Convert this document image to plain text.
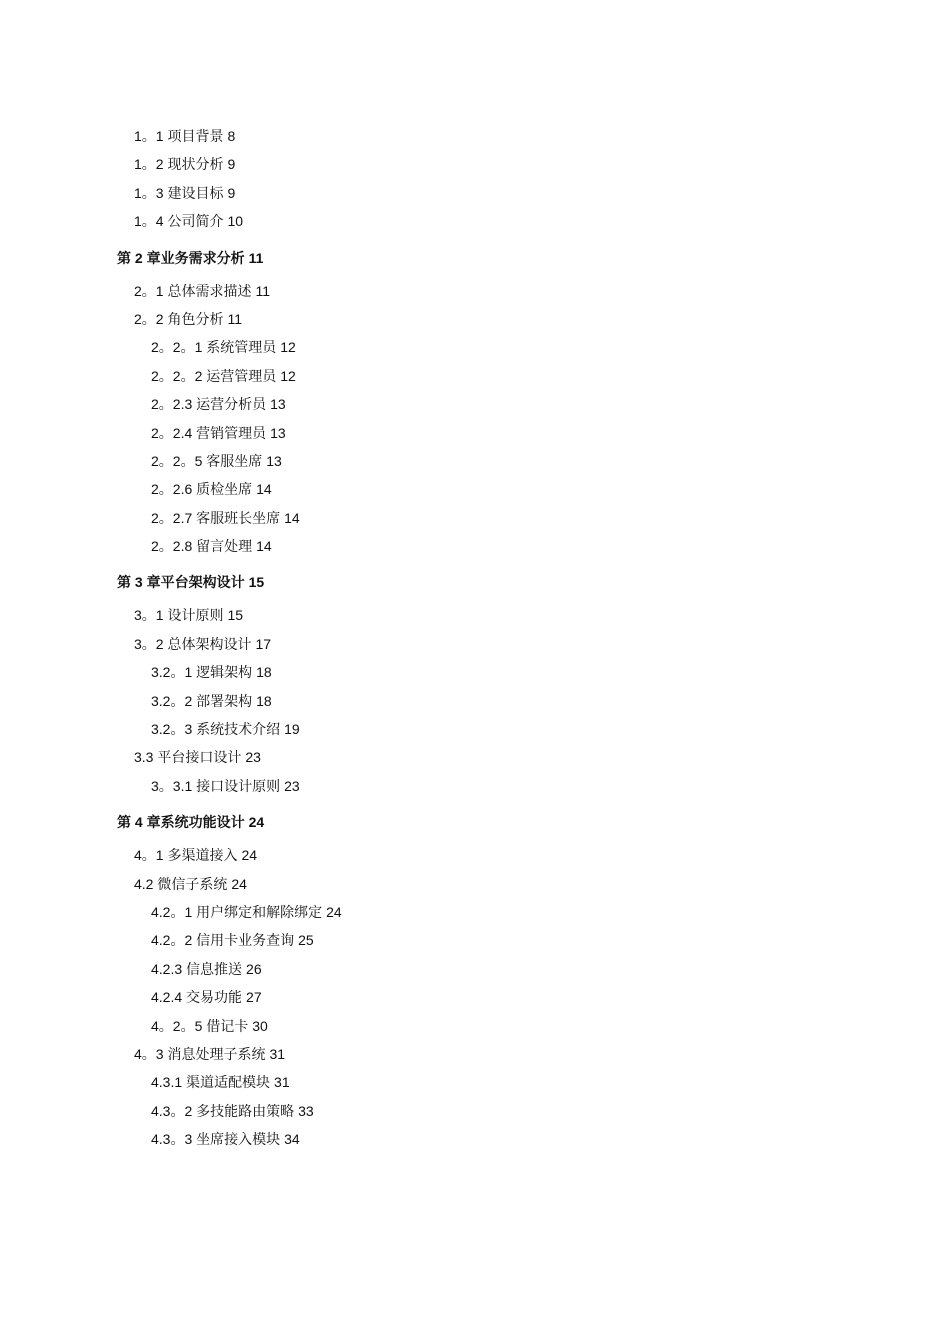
1。1 项目背景 8
1。2 现状分析 9
1。3 建设目标 9
1。4 公司简介 10
第 2 章业务需求分析 11
2。1 总体需求描述 11
2。2 角色分析 11
2。2。1 系统管理员 12
2。2。2 运营管理员 12
2。2.3 运营分析员 13
2。2.4 营销管理员 13
2。2。5 客服坐席 13
2。2.6 质检坐席 14
2。2.7 客服班长坐席 14
2。2.8 留言处理 14
第 3 章平台架构设计 15
3。1 设计原则 15
3。2 总体架构设计 17
3.2。1 逻辑架构 18
3.2。2 部署架构 18
3.2。3 系统技术介绍 19
3.3 平台接口设计 23
3。3.1 接口设计原则 23
第 4 章系统功能设计 24
4。1 多渠道接入 24
4.2 微信子系统 24
4.2。1 用户绑定和解除绑定 24
4.2。2 信用卡业务查询 25
4.2.3 信息推送 26
4.2.4 交易功能 27
4。2。5 借记卡 30
4。3 消息处理子系统 31
4.3.1 渠道适配模块 31
4.3。2 多技能路由策略 33
4.3。3 坐席接入模块 34
